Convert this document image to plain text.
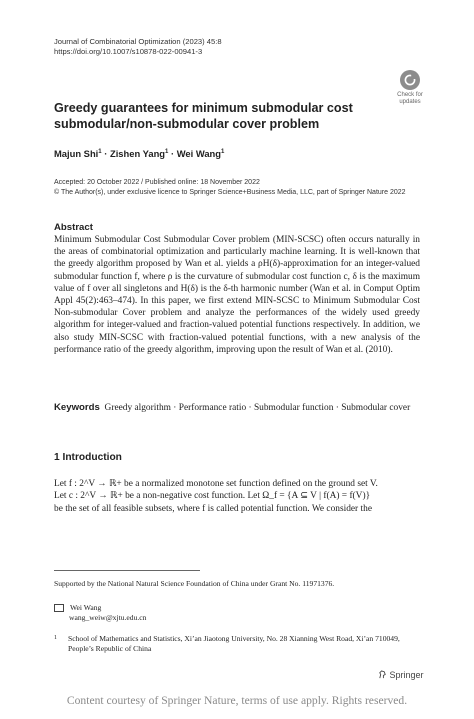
Journal of Combinatorial Optimization (2023) 45:8
https://doi.org/10.1007/s10878-022-00941-3
Check for
updates
Greedy guarantees for minimum submodular cost submodular/non-submodular cover problem
Majun Shi$^1$ · Zishen Yang$^1$ · Wei Wang$^1$
Accepted: 20 October 2022 / Published online: 18 November 2022
© The Author(s), under exclusive licence to Springer Science+Business Media, LLC, part of Springer Nature 2022
Abstract
Minimum Submodular Cost Submodular Cover problem (MIN-SCSC) often occurs naturally in the areas of combinatorial optimization and particularly machine learning. It is well-known that the greedy algorithm proposed by Wan et al. yields a ρH(δ)-approximation for an integer-valued submodular function f, where ρ is the curvature of submodular cost function c, δ is the maximum value of f over all singletons and H(δ) is the δ-th harmonic number (Wan et al. in Comput Optim Appl 45(2):463–474). In this paper, we first extend MIN-SCSC to Minimum Submodular Cost Non-submodular Cover problem and analyze the performances of the widely used greedy algorithm for integer-valued and fraction-valued potential functions respectively. In addition, we also study MIN-SCSC with fraction-valued potential functions, with a new analysis of the performance ratio of the greedy algorithm, improving upon the result of Wan et al. (2010).
Keywords Greedy algorithm · Performance ratio · Submodular function · Submodular cover
1 Introduction
Let f : 2^V → ℝ+ be a normalized monotone set function defined on the ground set V.
Let c : 2^V → ℝ+ be a non-negative cost function. Let Ω_f = {A ⊆ V | f(A) = f(V)}
be the set of all feasible subsets, where f is called potential function. We consider the
Supported by the National Natural Science Foundation of China under Grant No. 11971376.
Wei Wang
wang_weiw@xjtu.edu.cn
1 School of Mathematics and Statistics, Xi’an Jiaotong University, No. 28 Xianning West Road, Xi’an 710049, People’s Republic of China
Springer
Content courtesy of Springer Nature, terms of use apply. Rights reserved.
